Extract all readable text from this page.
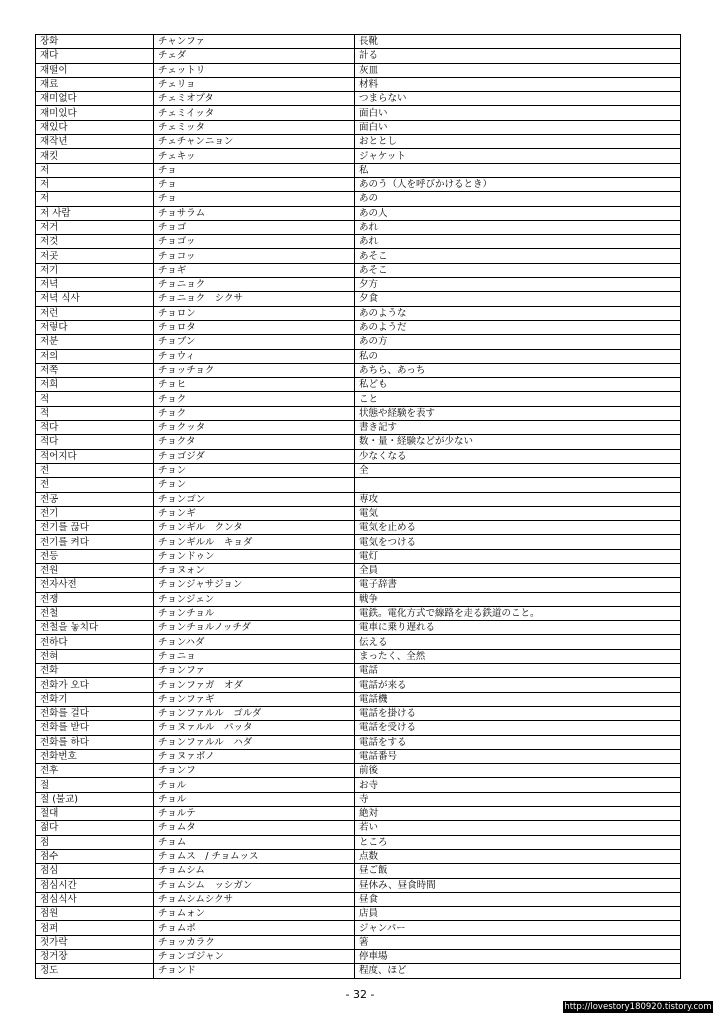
장화	チャンファ	長靴
재다	チェダ	計る
재떨이	チェットリ	灰皿
재료	チェリョ	材料
재미없다	チェミオプタ	つまらない
재미있다	チェミイッタ	面白い
재있다	チェミッタ	面白い
재작년	チェチャンニョン	おととし
재킷	チェキッ	ジャケット
저	チョ	私
저	チョ	あのう（人を呼びかけるとき）
저	チョ	あの
저 사람	チョサラム	あの人
저거	チョゴ	あれ
저것	チョゴッ	あれ
저곳	チョコッ	あそこ
저기	チョギ	あそこ
저녁	チョニョク	夕方
저녁 식사	チョニョク　シクサ	夕食
저런	チョロン	あのような
저렇다	チョロタ	あのようだ
저분	チョブン	あの方
저의	チョウィ	私の
저쪽	チョッチョク	あちら、あっち
저희	チョヒ	私ども
적	チョク	こと
적	チョク	状態や経験を表す
적다	チョクッタ	書き記す
적다	チョクタ	数・量・経験などが少ない
적어지다	チョゴジダ	少なくなる
전	チョン	全
전	チョン	
전공	チョンゴン	専攻
전기	チョンギ	電気
전기를 끊다	チョンギル　クンタ	電気を止める
전기를 켜다	チョンギルル　キョダ	電気をつける
전등	チョンドゥン	電灯
전원	チョヌォン	全員
전자사전	チョンジャサジョン	電子辞書
전쟁	チョンジェン	戦争
전철	チョンチョル	電鉄。電化方式で線路を走る鉄道のこと。
전철을 놓치다	チョンチョルノッチダ	電車に乗り遅れる
전하다	チョンハダ	伝える
전혀	チョニョ	まったく、全然
전화	チョンファ	電話
전화가 오다	チョンファガ　オダ	電話が来る
전화기	チョンファギ	電話機
전화를 걸다	チョンファルル　ゴルダ	電話を掛ける
전화를 받다	チョヌァルル　パッタ	電話を受ける
전화를 하다	チョンファルル　ハダ	電話をする
전화번호	チョヌァボノ	電話番号
전후	チョンフ	前後
절	チョル	お寺
절 (불교)	チョル	寺
절대	チョルテ	絶対
젊다	チョムタ	若い
점	チョム	ところ
점수	チョムス　/ チョムッス	点数
점심	チョムシム	昼ご飯
점심시간	チョムシム　ッシガン	昼休み、昼食時間
점심식사	チョムシムシクサ	昼食
점원	チョムォン	店員
점퍼	チョムポ	ジャンパー
젓가락	チョッカラク	箸
정거장	チョンゴジャン	停車場
정도	チョンド	程度、ほど
- 32 -
http://lovestory180920.tistory.com
